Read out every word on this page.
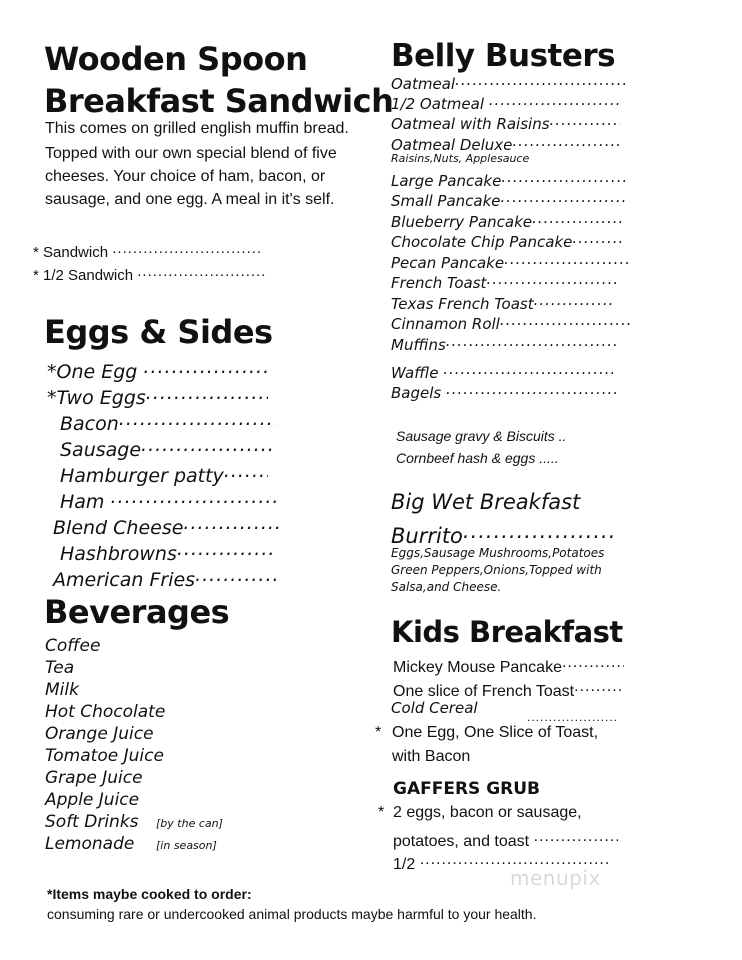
Wooden Spoon
Breakfast Sandwich
This comes on grilled english muffin bread.
Topped with our own special blend of five
cheeses. Your choice of ham, bacon, or
sausage, and one egg. A meal in it's self.
* Sandwich .....
* 1/2 Sandwich .....
Eggs & Sides
*One Egg .....
*Two Eggs.....
Bacon.....
Sausage.....
Hamburger patty.....
Ham .....
Blend Cheese.....
Hashbrowns.....
American Fries.....
Beverages
Coffee
Tea
Milk
Hot Chocolate
Orange Juice
Tomatoe Juice
Grape Juice
Apple Juice
Soft Drinks [by the can]
Lemonade [in season]
Belly Busters
Oatmeal.....
1/2 Oatmeal .....
Oatmeal with Raisins.....
Oatmeal Deluxe.....
Raisins,Nuts, Applesauce
Large Pancake.....
Small Pancake.....
Blueberry Pancake.....
Chocolate Chip Pancake.....
Pecan Pancake.....
French Toast.....
Texas French Toast.....
Cinnamon Roll.....
Muffins.....
Waffle .....
Bagels .....
Sausage gravy & Biscuits ..
Cornbeef hash & eggs .....
Big Wet Breakfast
Burrito.....
Eggs,Sausage Mushrooms,Potatoes
Green Peppers,Onions,Topped with
Salsa,and Cheese.
Kids Breakfast
Mickey Mouse Pancake.....
One slice of French Toast.....
Cold Cereal
.....
* One Egg, One Slice of Toast,
with Bacon
GAFFERS GRUB
* 2 eggs, bacon or sausage,
potatoes, and toast .....
1/2 .....
menupix
*Items maybe cooked to order:
consuming rare or undercooked animal products maybe harmful to your health.
